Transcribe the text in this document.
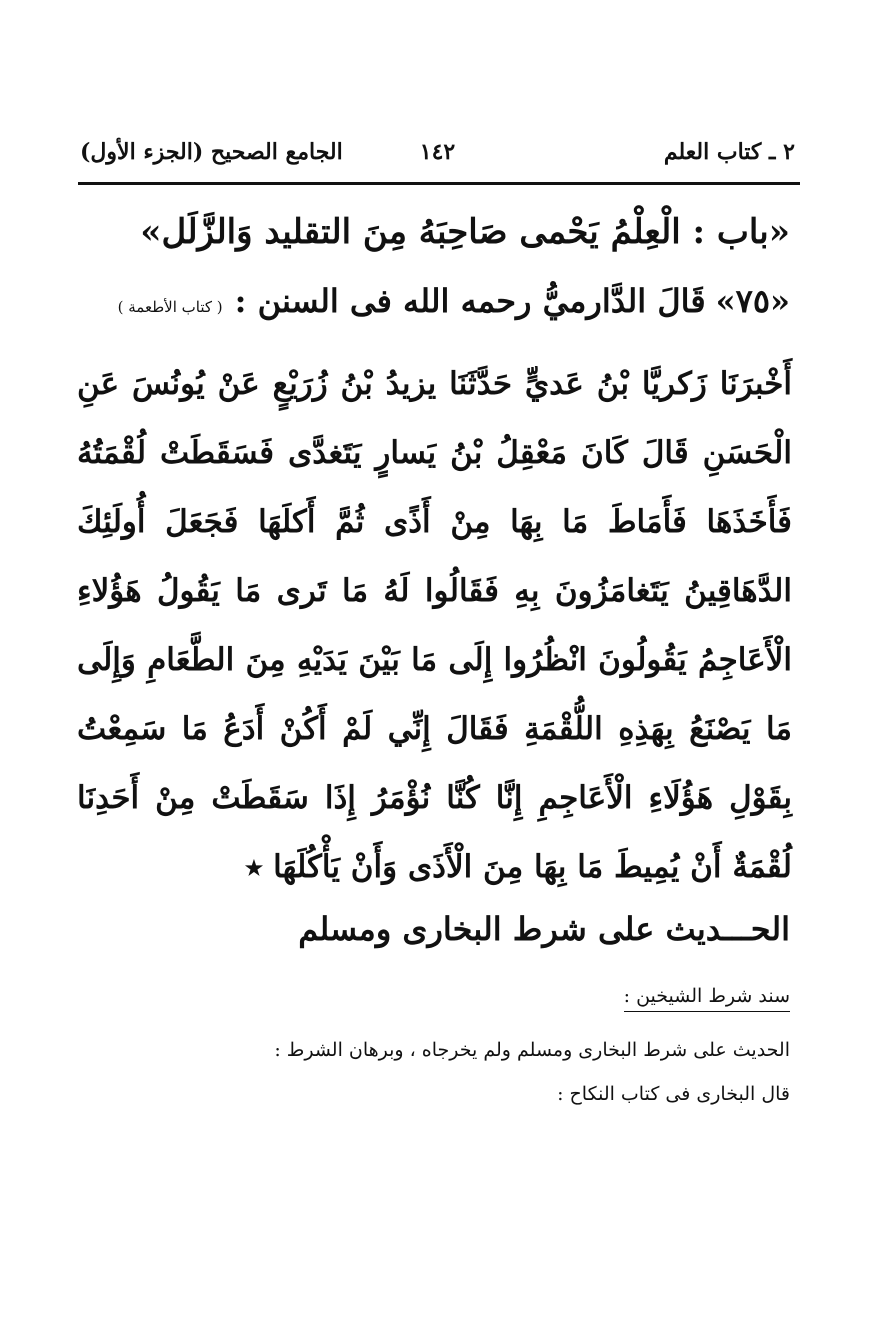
٢ ـ كتاب العلم
١٤٢
الجامع الصحيح (الجزء الأول)
«باب : الْعِلْمُ يَحْمى صَاحِبَهُ مِنَ التقليد وَالزَّلَل»
«٧٥»
قَالَ الدَّارميُّ رحمه الله فى السنن :
( كتاب الأطعمة )
أَخْبرَنَا زَكريَّا بْنُ عَديٍّ حَدَّثَنَا يزيدُ بْنُ زُرَيْعٍ عَنْ يُونُسَ عَنِ
الْحَسَنِ قَالَ كَانَ مَعْقِلُ بْنُ يَسارٍ يَتَغدَّى فَسَقَطَتْ لُقْمَتُهُ
فَأَخَذَهَا فَأَمَاطَ مَا بِهَا مِنْ أَذًى ثُمَّ أَكلَهَا فَجَعَلَ أُولَئِكَ
الدَّهَاقِينُ يَتَغامَزُونَ بِهِ فَقَالُوا لَهُ مَا تَرى مَا يَقُولُ هَؤُلاءِ
الْأَعَاجِمُ يَقُولُونَ انْظُرُوا إِلَى مَا بَيْنَ يَدَيْهِ مِنَ الطَّعَامِ وَإِلَى
مَا يَصْنَعُ بِهَذِهِ اللُّقْمَةِ فَقَالَ إِنِّي لَمْ أَكُنْ أَدَعُ مَا سَمِعْتُ
بِقَوْلِ هَؤُلَاءِ الْأَعَاجِمِ إِنَّا كُنَّا نُؤْمَرُ إِذَا سَقَطَتْ مِنْ أَحَدِنَا
لُقْمَةٌ أَنْ يُمِيطَ مَا بِهَا مِنَ الْأَذَى وَأَنْ يَأْكُلَهَا ⭑
الحـــديث على شرط البخارى ومسلم
سند شرط الشيخين :
الحديث على شرط البخارى ومسلم ولم يخرجاه ، وبرهان الشرط :
قال البخارى فى كتاب النكاح :
